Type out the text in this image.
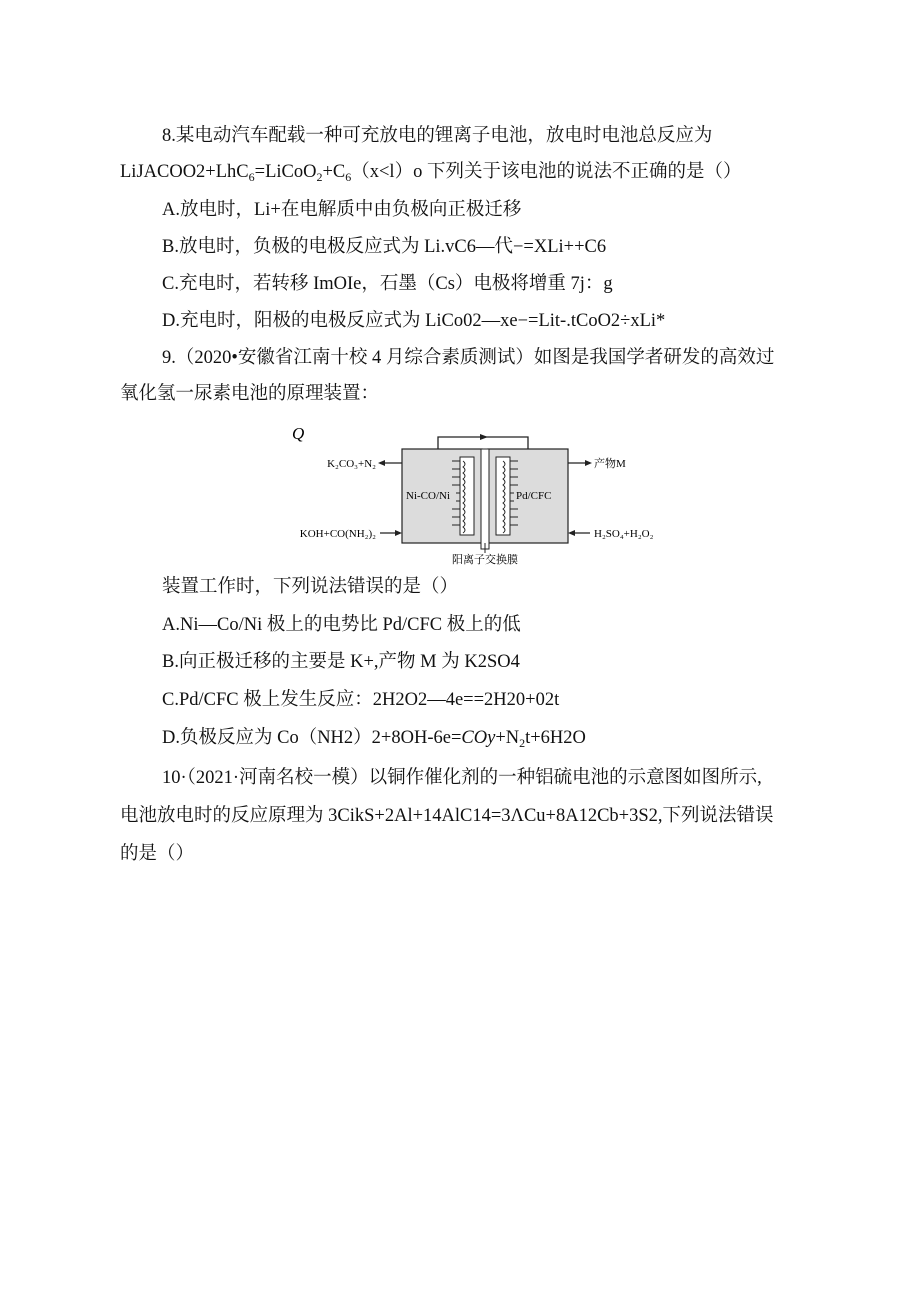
8.某电动汽车配载一种可充放电的锂离子电池，放电时电池总反应为
$LiJACOO2+LhC_6=LiCoO_2+C_6(x<l)o$ 下列关于该电池的说法不正确的是（）
A.放电时，Li+在电解质中由负极向正极迁移
B.放电时，负极的电极反应式为 Li.vC6—代−=XLi++C6
C.充电时，若转移 ImOIe，石墨（Cs）电极将增重 7j：g
D.充电时，阳极的电极反应式为 LiCo02—xe−=Lit-.tCoO2÷xLi*
9.（2020•安徽省江南十校 4 月综合素质测试）如图是我国学者研发的高效过
氧化氢一尿素电池的原理装置：
Q
Ni-CO/Ni	Pd/CFC
K₂CO₃+N₂
KOH+CO(NH₂)₂
产物M
H₂SO₄+H₂O₂
阳离子交换膜
装置工作时，下列说法错误的是（）
A.Ni—Co/Ni 极上的电势比 Pd/CFC 极上的低
B.向正极迁移的主要是 K+,产物 M 为 K2SO4
C.Pd/CFC 极上发生反应：2H2O2—4e==2H20+02t
D.负极反应为 $Co(NH2)2+8OH-6e=COy+N_2t+6H2O$
10·（2021·河南名校一模）以铜作催化剂的一种铝硫电池的示意图如图所示,
电池放电时的反应原理为 3CikS+2Al+14AlC14=3ΛCu+8A12Cb+3S2,下列说法错误
的是（）
